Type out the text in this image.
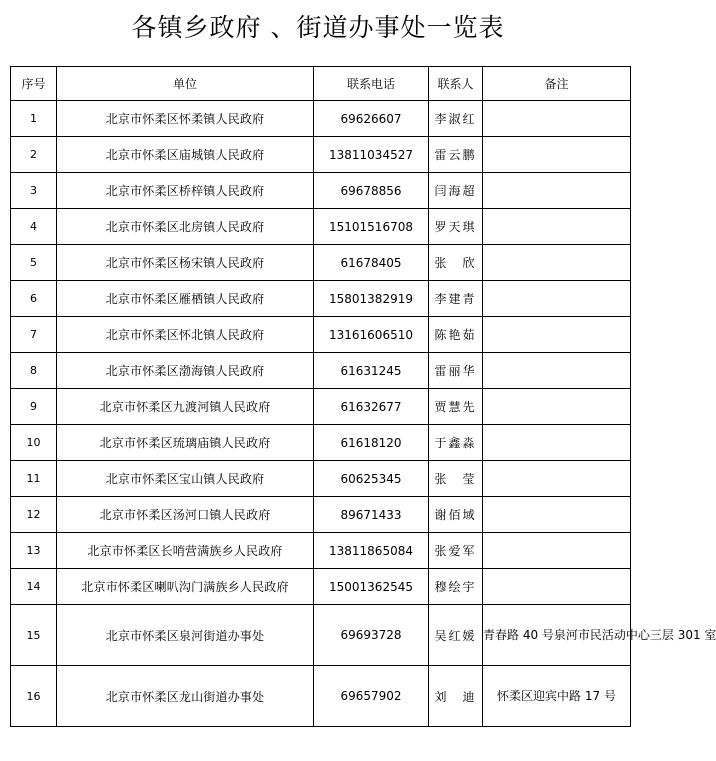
各镇乡政府 、街道办事处一览表
序号	单位	联系电话	联系人	备注
1	北京市怀柔区怀柔镇人民政府	69626607	李淑红	
2	北京市怀柔区庙城镇人民政府	13811034527	雷云鹏	
3	北京市怀柔区桥梓镇人民政府	69678856	闫海超	
4	北京市怀柔区北房镇人民政府	15101516708	罗天琪	
5	北京市怀柔区杨宋镇人民政府	61678405	张　欣	
6	北京市怀柔区雁栖镇人民政府	15801382919	李建青	
7	北京市怀柔区怀北镇人民政府	13161606510	陈艳茹	
8	北京市怀柔区渤海镇人民政府	61631245	雷丽华	
9	北京市怀柔区九渡河镇人民政府	61632677	贾慧先	
10	北京市怀柔区琉璃庙镇人民政府	61618120	于鑫淼	
11	北京市怀柔区宝山镇人民政府	60625345	张　莹	
12	北京市怀柔区汤河口镇人民政府	89671433	谢佰域	
13	北京市怀柔区长哨营满族乡人民政府	13811865084	张爱军	
14	北京市怀柔区喇叭沟门满族乡人民政府	15001362545	穆绘宇	
15	北京市怀柔区泉河街道办事处	69693728	吴红媛	青春路 40 号泉河市民活动中心三层 301 室
16	北京市怀柔区龙山街道办事处	69657902	刘　迪	怀柔区迎宾中路 17 号
